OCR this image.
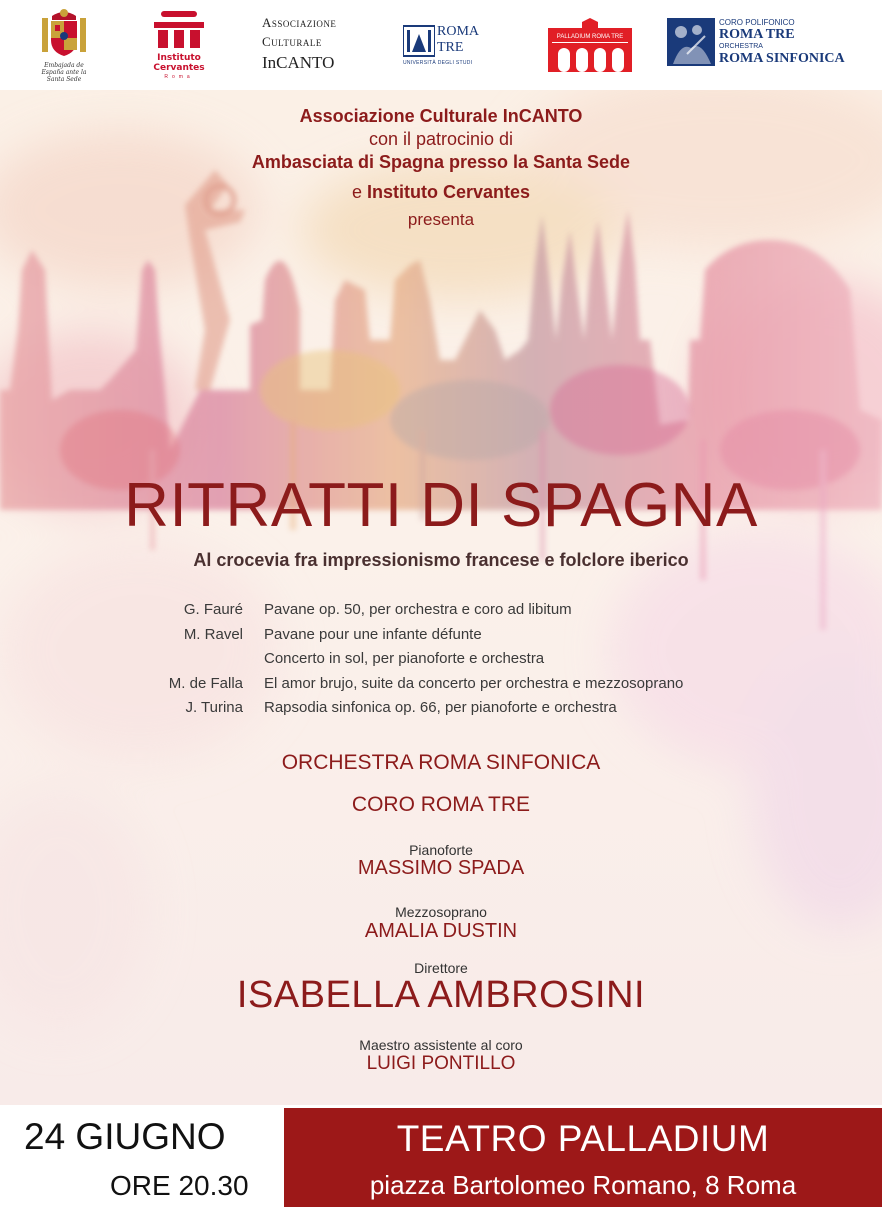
Embajada de España ante la Santa Sede
Instituto Cervantes
Roma
Associazione
Culturale
InCANTO
ROMA
TRE
UNIVERSITÀ DEGLI STUDI
PALLADIUM ROMA TRE
CORO POLIFONICO
ROMA TRE
ORCHESTRA
ROMA SINFONICA
Associazione Culturale InCANTO
con il patrocinio di
Ambasciata di Spagna presso la Santa Sede
e Instituto Cervantes
presenta
RITRATTI DI SPAGNA
Al crocevia fra impressionismo francese e folclore iberico
G. Fauré Pavane op. 50, per orchestra e coro ad libitum
M. Ravel Pavane pour une infante défunte
Concerto in sol, per pianoforte e orchestra
M. de Falla El amor brujo, suite da concerto per orchestra e mezzosoprano
J. Turina Rapsodia sinfonica op. 66, per pianoforte e orchestra
ORCHESTRA ROMA SINFONICA
CORO ROMA TRE
Pianoforte
MASSIMO SPADA
Mezzosoprano
AMALIA DUSTIN
Direttore
ISABELLA AMBROSINI
Maestro assistente al coro
LUIGI PONTILLO
24 GIUGNO
ORE 20.30
TEATRO PALLADIUM
piazza Bartolomeo Romano, 8 Roma
